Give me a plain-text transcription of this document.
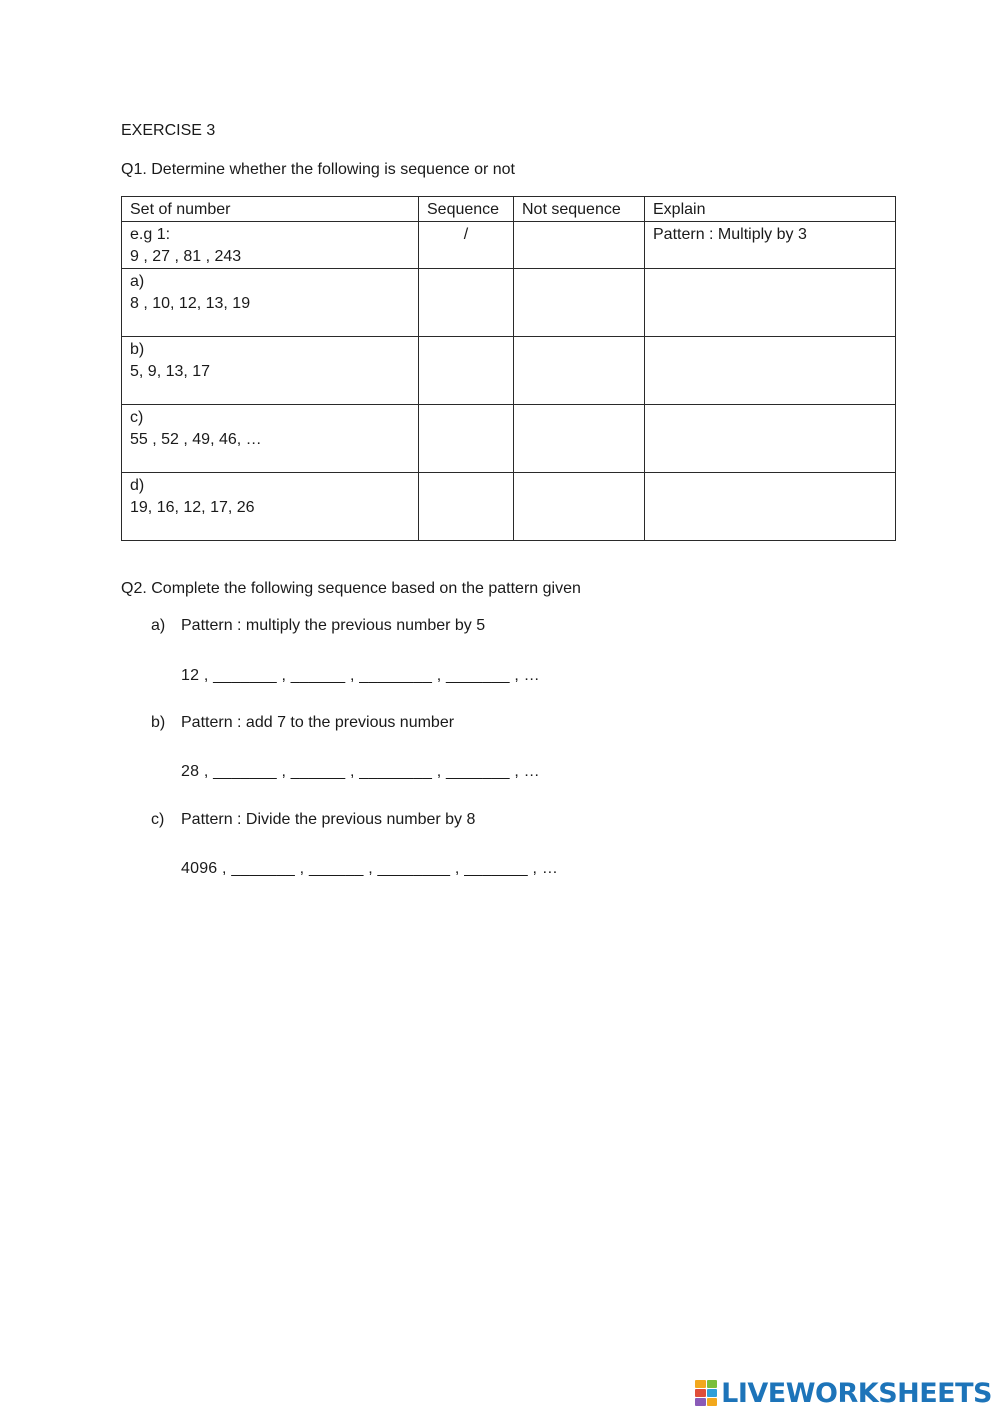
EXERCISE 3
Q1. Determine whether the following is sequence or not
Set of number	Sequence	Not sequence	Explain

e.g 1:
9 , 27 , 81 , 243	/		Pattern : Multiply by 3

a)
8 , 10, 12, 13, 19			

b)
5, 9, 13, 17			

c)
55 , 52 , 49, 46, …			

d)
19, 16, 12, 17, 26			

Q2. Complete the following sequence based on the pattern given
a) Pattern : multiply the previous number by 5
12 , _______ , ______ , ________ , _______ , …
b) Pattern : add 7 to the previous number
28 , _______ , ______ , ________ , _______ , …
c) Pattern : Divide the previous number by 8
4096 , _______ , ______ , ________ , _______ , …
LIVEWORKSHEETS
